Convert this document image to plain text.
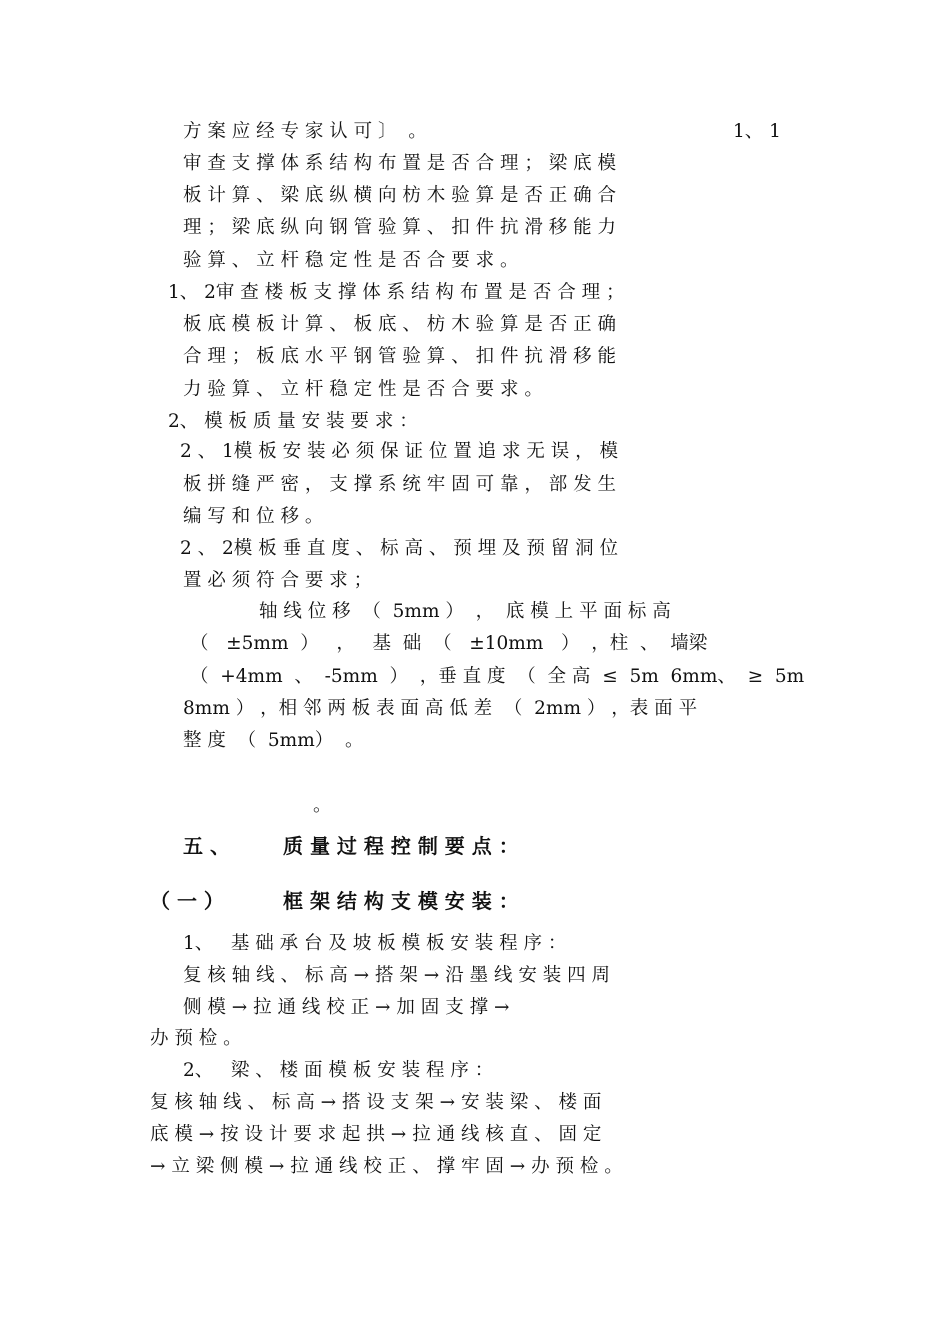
方 案 应 经 专 家 认 可 〕  。	1、 1
审 查 支 撑 体 系 结 构 布 置 是 否 合 理 ； 梁 底 模
板 计 算 、 梁 底 纵 横 向 枋 木 验 算 是 否 正 确 合
理 ； 梁 底 纵 向 钢 管 验 算 、 扣 件 抗 滑 移 能 力
验 算 、 立 杆 稳 定 性 是 否 合 要 求 。
1、 2审 查 楼 板 支 撑 体 系 结 构 布 置 是 否 合 理 ；
板 底 模 板 计 算 、 板 底 、 枋 木 验 算 是 否 正 确
合 理 ； 板 底 水 平 钢 管 验 算 、 扣 件 抗 滑 移 能
力 验 算 、 立 杆 稳 定 性 是 否 合 要 求 。
2、 模 板 质 量 安 装 要 求 ：
2 、 1模 板 安 装 必 须 保 证 位 置 追 求 无 误 ， 模
板 拼 缝 严 密 ， 支 撑 系 统 牢 固 可 靠 ， 部 发 生
编 写 和 位 移 。
2 、 2模 板 垂 直 度 、 标 高 、 预 埋 及 预 留 洞 位
置 必 须 符 合 要 求 ；
轴 线 位 移  （  5mm ）  ，  底 模 上 平 面 标 高
（   ±5mm  ）   ，   基  础  （   ±10mm   ）  ，柱  、  墙梁
（  +4mm  、  -5mm  ）  ，垂 直 度  （  全 高  ≤  5m  6mm、  ≥  5m
8mm ） ，相 邻 两 板 表 面 高 低 差  （  2mm ） ，表 面 平
整 度  （  5mm）  。
。
五 、	质 量 过 程 控 制 要 点 ：
（ 一 ）	框 架 结 构 支 模 安 装 ：
1、   基 础 承 台 及 坡 板 模 板 安 装 程 序 ：
复 核 轴 线 、 标 高 → 搭 架 → 沿 墨 线 安 装 四 周
侧 模 → 拉 通 线 校 正 → 加 固 支 撑 →
办 预 检 。
2、   梁 、 楼 面 模 板 安 装 程 序 ：
复 核 轴 线 、 标 高 → 搭 设 支 架 → 安 装 梁 、 楼 面
底 模 → 按 设 计 要 求 起 拱 → 拉 通 线 核 直 、 固 定
→ 立 梁 侧 模 → 拉 通 线 校 正 、 撑 牢 固 → 办 预 检 。
